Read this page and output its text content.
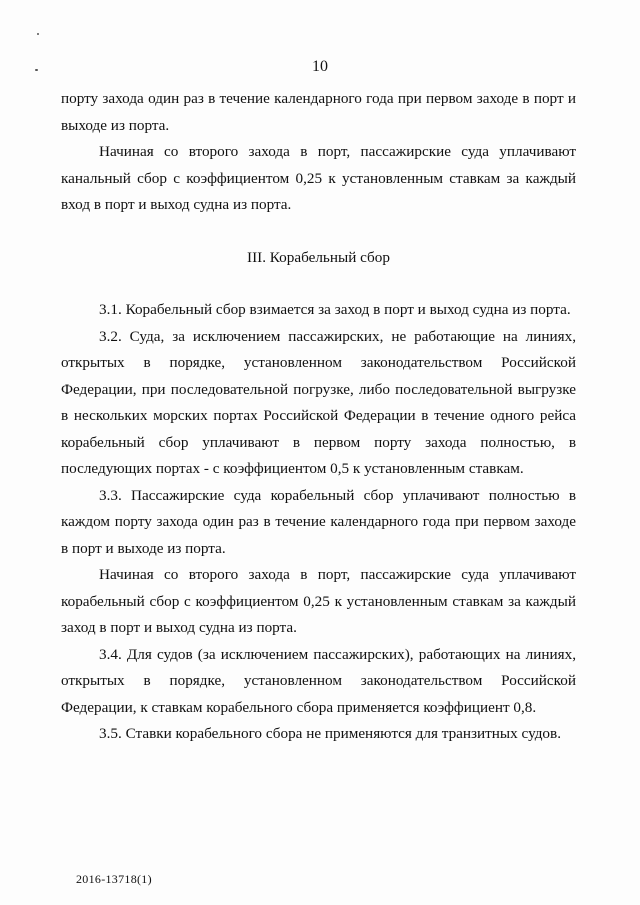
10

порту захода один раз в течение календарного года при первом заходе в порт и выходе из порта.

Начиная со второго захода в порт, пассажирские суда уплачивают канальный сбор с коэффициентом 0,25 к установленным ставкам за каждый вход в порт и выход судна из порта.

III. Корабельный сбор

3.1. Корабельный сбор взимается за заход в порт и выход судна из порта.

3.2. Суда, за исключением пассажирских, не работающие на линиях, открытых в порядке, установленном законодательством Российской Федерации, при последовательной погрузке, либо последовательной выгрузке в нескольких морских портах Российской Федерации в течение одного рейса корабельный сбор уплачивают в первом порту захода полностью, в последующих портах - с коэффициентом 0,5 к установленным ставкам.

3.3. Пассажирские суда корабельный сбор уплачивают полностью в каждом порту захода один раз в течение календарного года при первом заходе в порт и выходе из порта.

Начиная со второго захода в порт, пассажирские суда уплачивают корабельный сбор с коэффициентом 0,25 к установленным ставкам за каждый заход в порт и выход судна из порта.

3.4. Для судов (за исключением пассажирских), работающих на линиях, открытых в порядке, установленном законодательством Российской Федерации, к ставкам корабельного сбора применяется коэффициент 0,8.

3.5. Ставки корабельного сбора не применяются для транзитных судов.

2016-13718(1)
